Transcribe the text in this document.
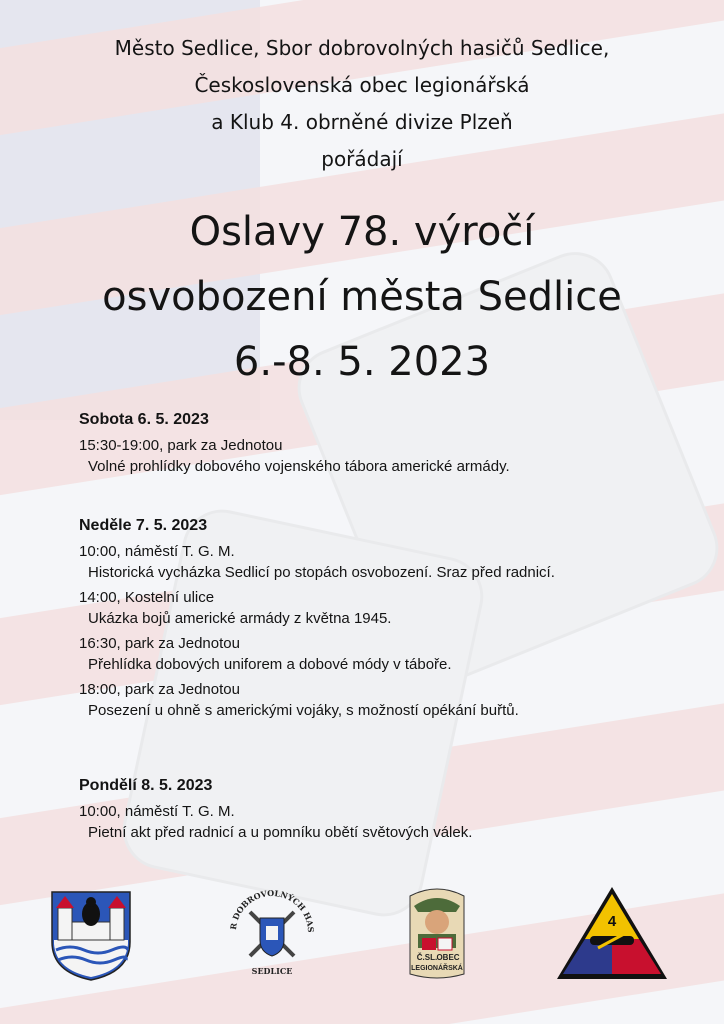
Město Sedlice, Sbor dobrovolných hasičů Sedlice,
Československá obec legionářská
a Klub 4. obrněné divize Plzeň
pořádají
Oslavy 78. výročí
osvobození města Sedlice
6.-8. 5. 2023
Sobota 6. 5. 2023
15:30-19:00, park za Jednotou
Volné prohlídky dobového vojenského tábora americké armády.
Neděle 7. 5. 2023
10:00, náměstí T. G. M.
Historická vycházka Sedlicí po stopách osvobození. Sraz před radnicí.
14:00, Kostelní ulice
Ukázka bojů americké armády z května 1945.
16:30, park za Jednotou
Přehlídka dobových uniforem a dobové módy v táboře.
18:00, park za Jednotou
Posezení u ohně s americkými vojáky, s možností opékání buřtů.
Pondělí 8. 5. 2023
10:00, náměstí T. G. M.
Pietní akt před radnicí a u pomníku obětí světových válek.
R DOBROVOLNÝCH HAS
SEDLICE
Č.SL. OBEC
LEGIONÁŘSKÁ
4
